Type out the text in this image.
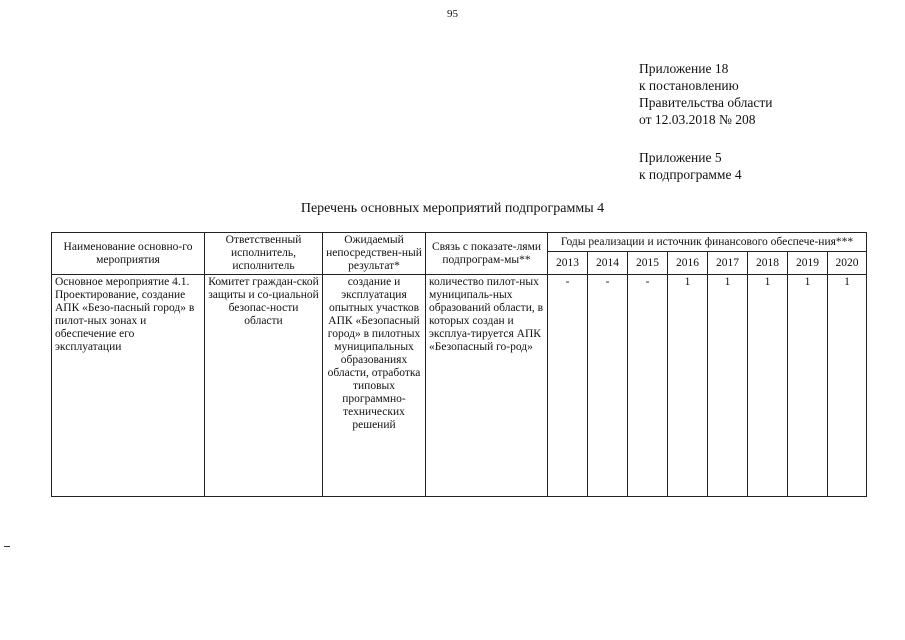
95
Приложение 18
к постановлению
Правительства области
от 12.03.2018 № 208
Приложение 5
к подпрограмме 4
Перечень основных мероприятий подпрограммы 4
Наименование основно-го мероприятия	Ответственный исполнитель, исполнитель	Ожидаемый непосредствен-ный результат*	Связь с показате-лями подпрограм-мы**	Годы реализации и источник финансового обеспече-ния***							
				2013	2014	2015	2016	2017	2018	2019	2020
Основное мероприятие 4.1. Проектирование, создание АПК «Безо-пасный город» в пилот-ных зонах и обеспечение его эксплуатации	Комитет граждан-ской защиты и со-циальной безопас-ности области	создание и эксплуатация опытных участков АПК «Безопасный город» в пилотных муниципальных образованиях области, отработка типовых программно-технических решений	количество пилот-ных муниципаль-ных образований области, в которых создан и эксплуа-тируется АПК «Безопасный го-род»	-	-	-	1	1	1	1	1
